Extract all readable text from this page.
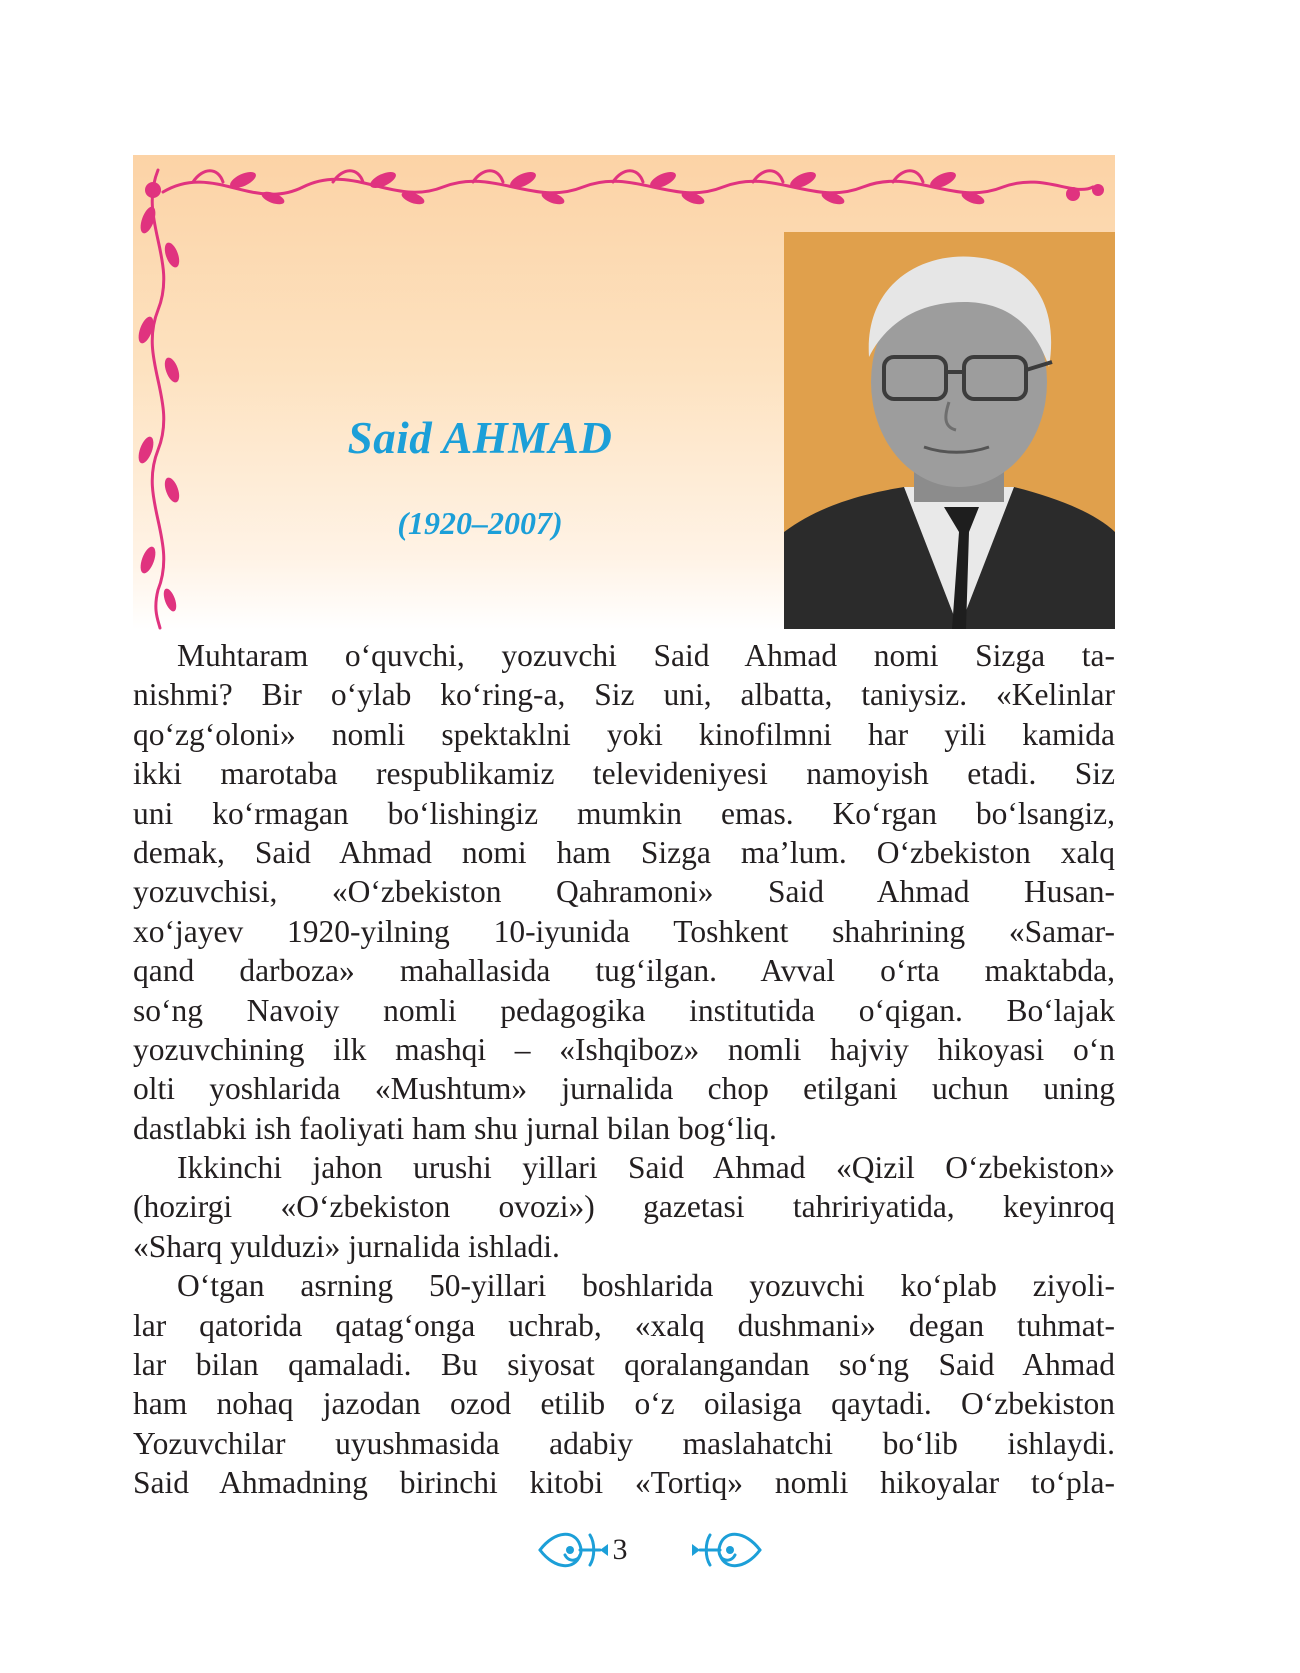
Said AHMAD
(1920–2007)
Muhtaram o‘quvchi, yozuvchi Said Ahmad nomi Sizga ta-
nishmi? Bir o‘ylab ko‘ring-a, Siz uni, albatta, taniysiz. «Kelinlar
qo‘zg‘oloni» nomli spektaklni yoki kinofilmni har yili kamida
ikki marotaba respublikamiz televideniyesi namoyish etadi. Siz
uni ko‘rmagan bo‘lishingiz mumkin emas. Ko‘rgan bo‘lsangiz,
demak, Said Ahmad nomi ham Sizga ma’lum. O‘zbekiston xalq
yozuvchisi, «O‘zbekiston Qahramoni» Said Ahmad Husan-
xo‘jayev 1920-yilning 10-iyunida Toshkent shahrining «Samar-
qand darboza» mahallasida tug‘ilgan. Avval o‘rta maktabda,
so‘ng Navoiy nomli pedagogika institutida o‘qigan. Bo‘lajak
yozuvchining ilk mashqi – «Ishqiboz» nomli hajviy hikoyasi o‘n
olti yoshlarida «Mushtum» jurnalida chop etilgani uchun uning
dastlabki ish faoliyati ham shu jurnal bilan bog‘liq.
Ikkinchi jahon urushi yillari Said Ahmad «Qizil O‘zbekiston»
(hozirgi «O‘zbekiston ovozi») gazetasi tahririyatida, keyinroq
«Sharq yulduzi» jurnalida ishladi.
O‘tgan asrning 50-yillari boshlarida yozuvchi ko‘plab ziyoli-
lar qatorida qatag‘onga uchrab, «xalq dushmani» degan tuhmat-
lar bilan qamaladi. Bu siyosat qoralangandan so‘ng Said Ahmad
ham nohaq jazodan ozod etilib o‘z oilasiga qaytadi. O‘zbekiston
Yozuvchilar uyushmasida adabiy maslahatchi bo‘lib ishlaydi.
Said Ahmadning birinchi kitobi «Tortiq» nomli hikoyalar to‘pla-
3
